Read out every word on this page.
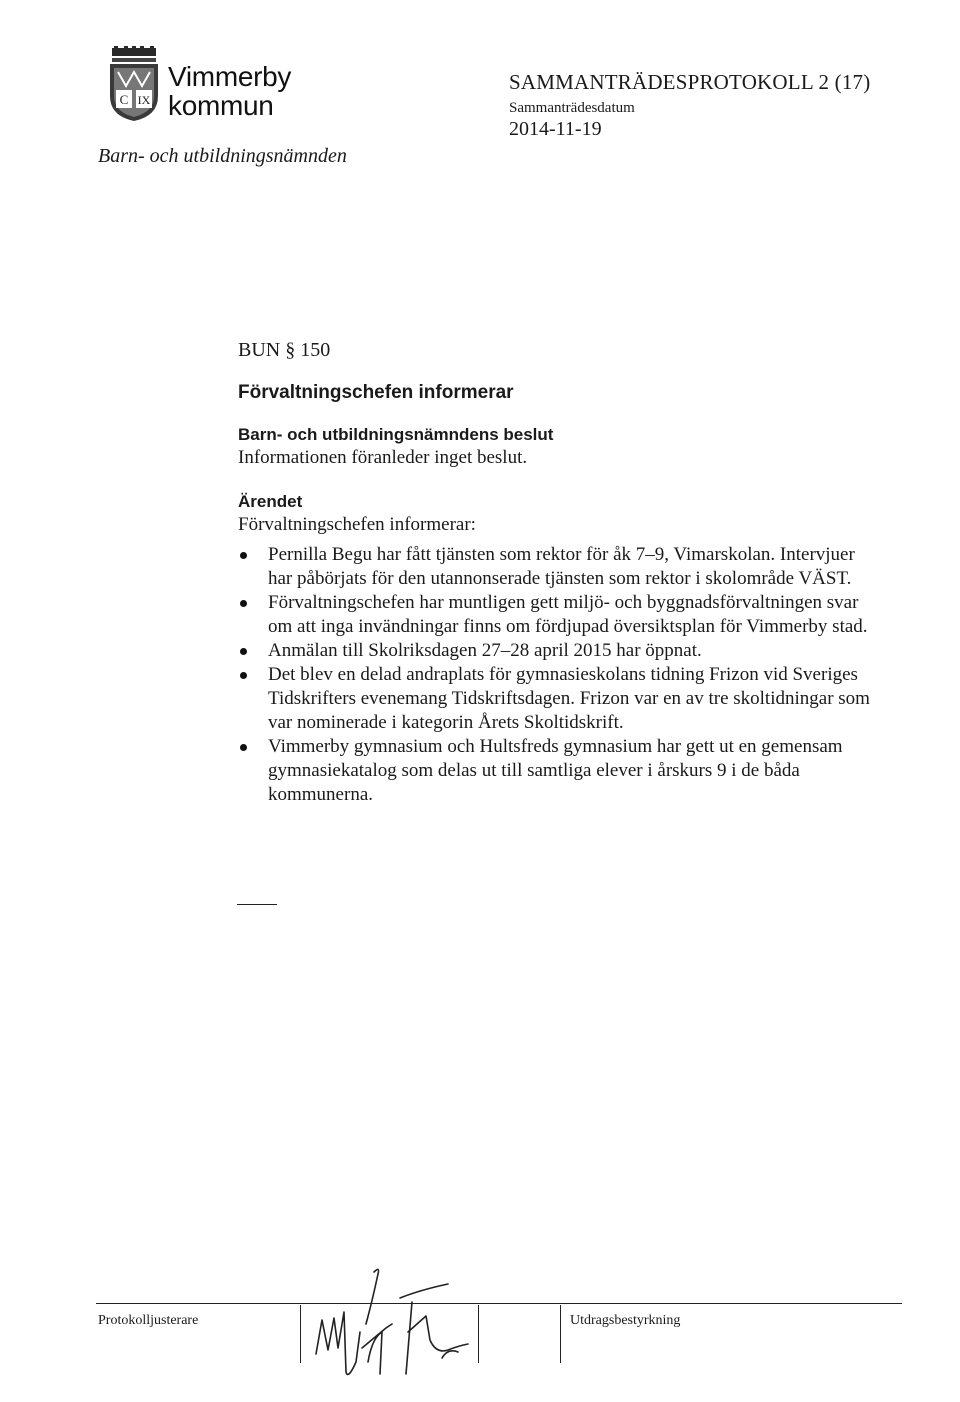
C IX
Vimmerby
kommun
Barn- och utbildningsnämnden
SAMMANTRÄDESPROTOKOLL 2 (17)
Sammanträdesdatum
2014-11-19
BUN § 150
Förvaltningschefen informerar
Barn- och utbildningsnämndens beslut
Informationen föranleder inget beslut.
Ärendet
Förvaltningschefen informerar:
Pernilla Begu har fått tjänsten som rektor för åk 7–9, Vimarskolan. Intervjuer har påbörjats för den utannonserade tjänsten som rektor i skolområde VÄST.
Förvaltningschefen har muntligen gett miljö- och byggnadsförvaltningen svar om att inga invändningar finns om fördjupad översiktsplan för Vimmerby stad.
Anmälan till Skolriksdagen 27–28 april 2015 har öppnat.
Det blev en delad andraplats för gymnasieskolans tidning Frizon vid Sveriges Tidskrifters evenemang Tidskriftsdagen. Frizon var en av tre skoltidningar som var nominerade i kategorin Årets Skoltidskrift.
Vimmerby gymnasium och Hultsfreds gymnasium har gett ut en gemensam gymnasiekatalog som delas ut till samtliga elever i årskurs 9 i de båda kommunerna.
Protokolljusterare	Utdragsbestyrkning
